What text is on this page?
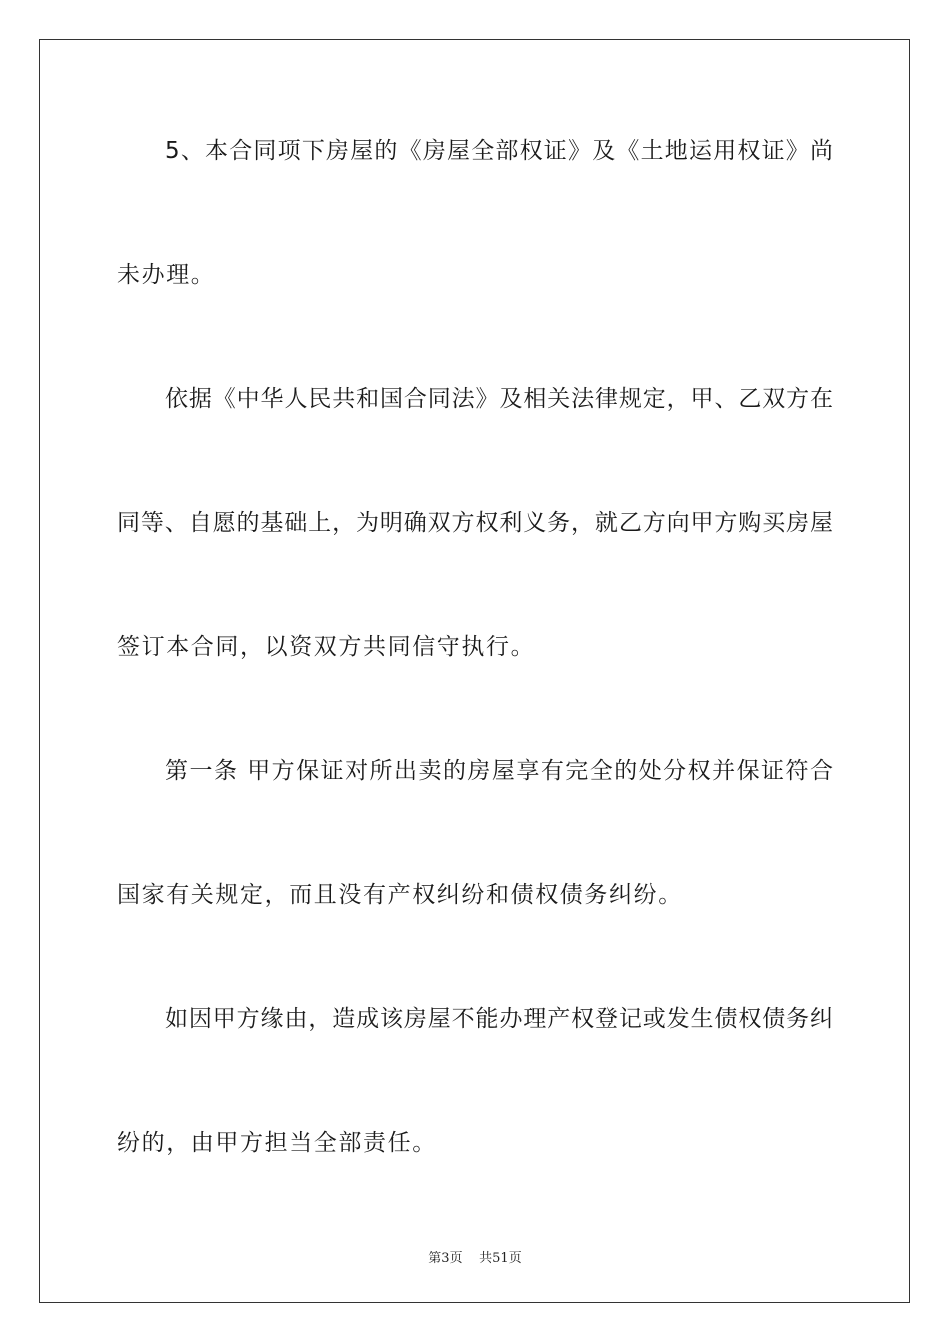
5、本合同项下房屋的《房屋全部权证》及《土地运用权证》尚
未办理。
依据《中华人民共和国合同法》及相关法律规定，甲、乙双方在
同等、自愿的基础上，为明确双方权利义务，就乙方向甲方购买房屋
签订本合同，以资双方共同信守执行。
第一条 甲方保证对所出卖的房屋享有完全的处分权并保证符合
国家有关规定，而且没有产权纠纷和债权债务纠纷。
如因甲方缘由，造成该房屋不能办理产权登记或发生债权债务纠
纷的，由甲方担当全部责任。
第3页 共51页
